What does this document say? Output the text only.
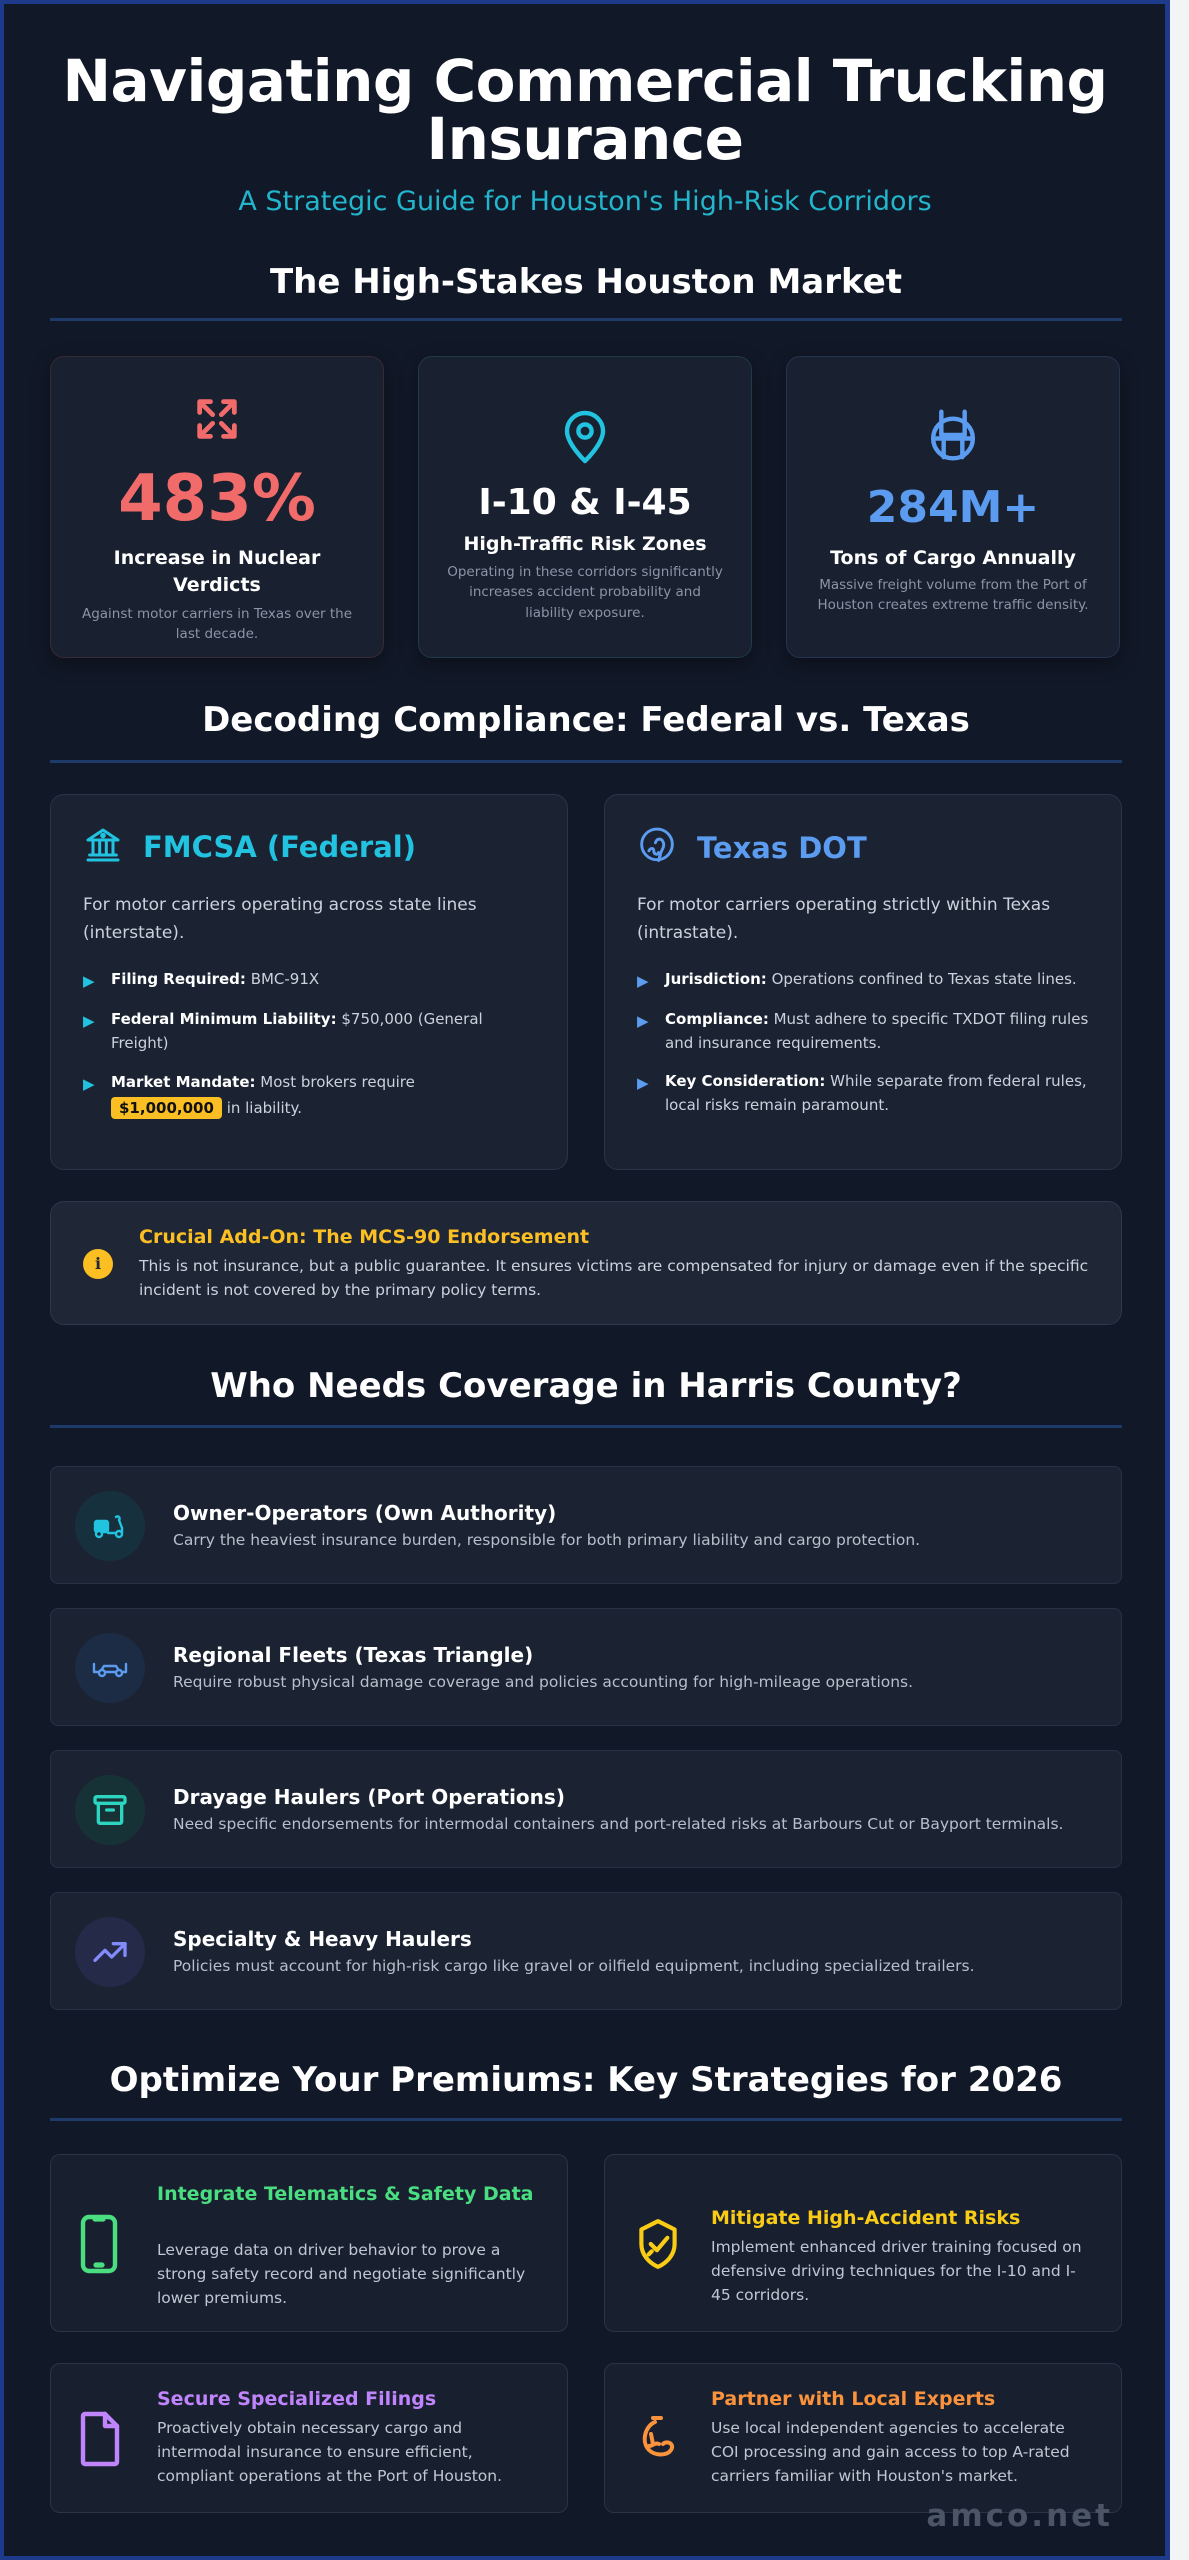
Navigating Commercial Trucking Insurance
A Strategic Guide for Houston's High-Risk Corridors
The High-Stakes Houston Market
483%
Increase in Nuclear Verdicts
Against motor carriers in Texas over the last decade.
I-10 & I-45
High-Traffic Risk Zones
Operating in these corridors significantly increases accident probability and liability exposure.
284M+
Tons of Cargo Annually
Massive freight volume from the Port of Houston creates extreme traffic density.
Decoding Compliance: Federal vs. Texas
FMCSA (Federal)
For motor carriers operating across state lines (interstate).
▶	Filing Required: BMC-91X
▶	Federal Minimum Liability: $750,000 (General Freight)
▶	Market Mandate: Most brokers require
$1,000,000 in liability.
Texas DOT
For motor carriers operating strictly within Texas (intrastate).
▶	Jurisdiction: Operations confined to Texas state lines.
▶	Compliance: Must adhere to specific TXDOT filing rules and insurance requirements.
▶	Key Consideration: While separate from federal rules, local risks remain paramount.
i
Crucial Add-On: The MCS-90 Endorsement
This is not insurance, but a public guarantee. It ensures victims are compensated for injury or damage even if the specific incident is not covered by the primary policy terms.
Who Needs Coverage in Harris County?
Owner-Operators (Own Authority)
Carry the heaviest insurance burden, responsible for both primary liability and cargo protection.
Regional Fleets (Texas Triangle)
Require robust physical damage coverage and policies accounting for high-mileage operations.
Drayage Haulers (Port Operations)
Need specific endorsements for intermodal containers and port-related risks at Barbours Cut or Bayport terminals.
Specialty & Heavy Haulers
Policies must account for high-risk cargo like gravel or oilfield equipment, including specialized trailers.
Optimize Your Premiums: Key Strategies for 2026
Integrate Telematics & Safety Data
Leverage data on driver behavior to prove a strong safety record and negotiate significantly lower premiums.
Mitigate High-Accident Risks
Implement enhanced driver training focused on defensive driving techniques for the I-10 and I-45 corridors.
Secure Specialized Filings
Proactively obtain necessary cargo and intermodal insurance to ensure efficient, compliant operations at the Port of Houston.
Partner with Local Experts
Use local independent agencies to accelerate COI processing and gain access to top A-rated carriers familiar with Houston's market.
amco.net
